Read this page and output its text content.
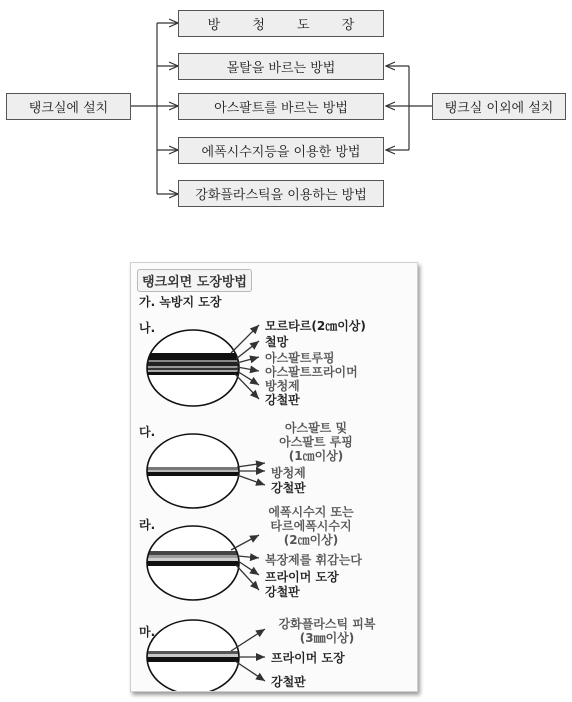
탱크실에 설치	탱크실 이외에 설치
방 청 도 장
몰탈을 바르는 방법
아스팔트를 바르는 방법
에폭시수지등을 이용한 방법
강화플라스틱을 이용하는 방법
탱크외면 도장방법
가. 녹방지 도장
나.	모르타르(2㎝이상)
철망
아스팔트루핑
아스팔트프라이머
방청제
강철판
다.	아스팔트 및
아스팔트 루핑
(1㎝이상)
방청제
강철판
라.
에폭시수지 또는
타르에폭시수지
(2㎝이상)
복장제를 휘감는다
프라이머 도장
강철판
마.
강화플라스틱 피복
(3㎜이상)
프라이머 도장
강철판
